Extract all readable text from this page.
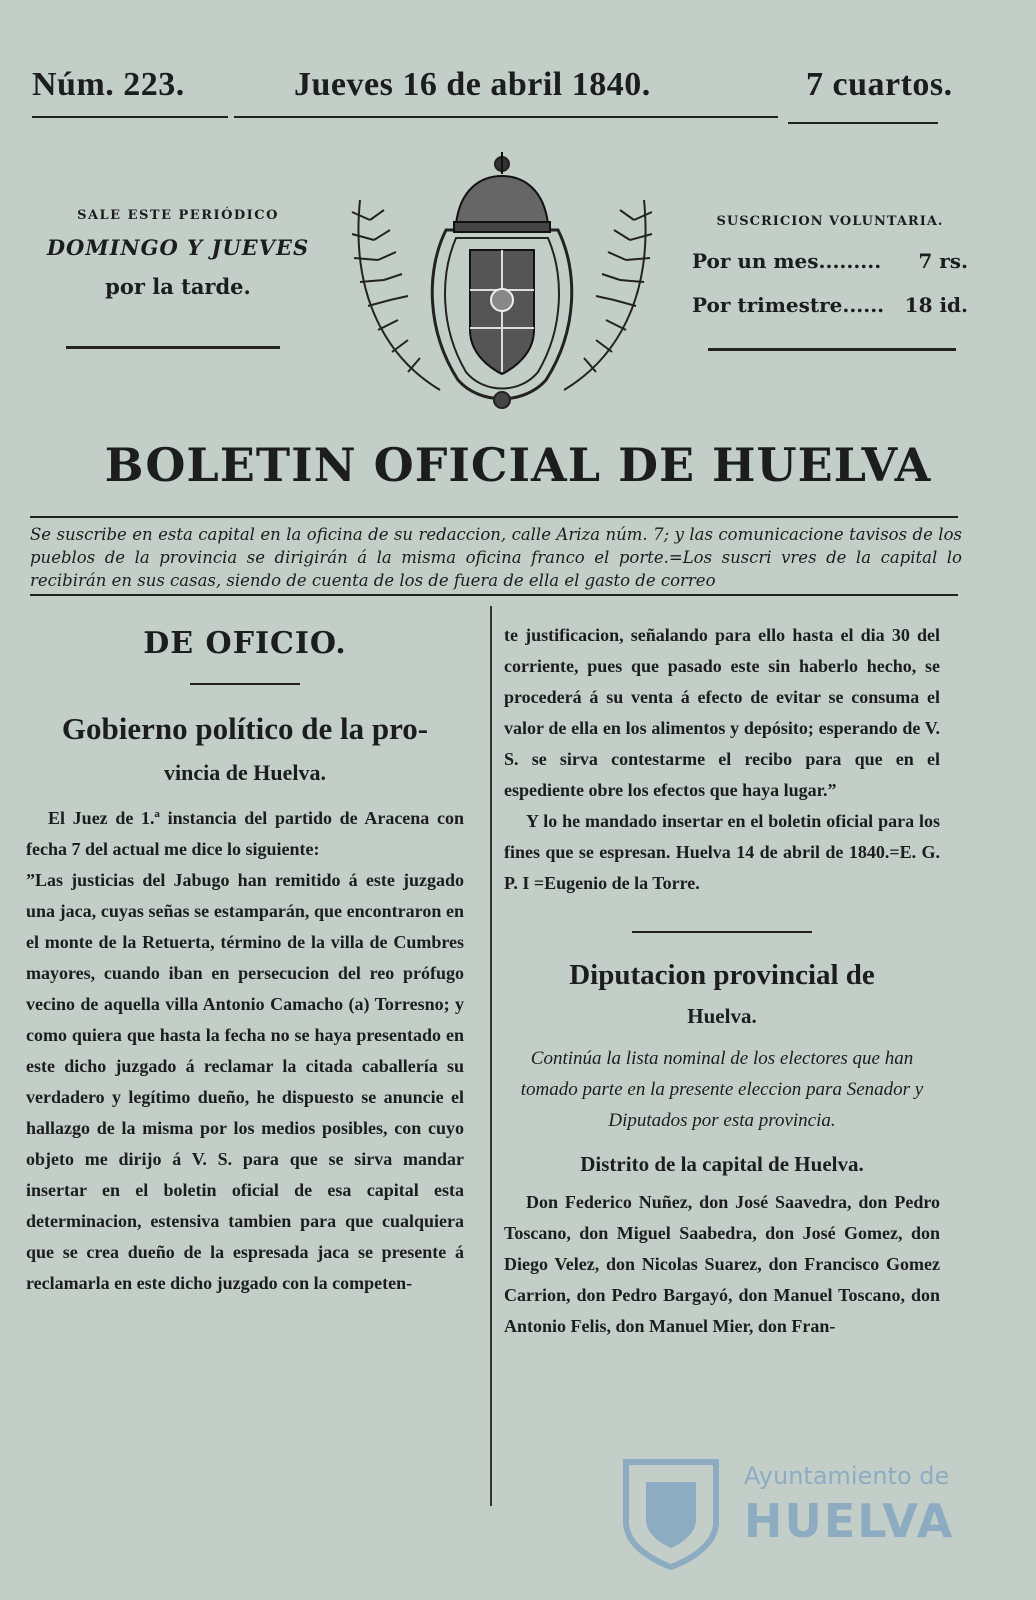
Núm. 223.	Jueves 16 de abril 1840.	7 cuartos.
SALE ESTE PERIÓDICO
DOMINGO Y JUEVES
por la tarde.
SUSCRICION VOLUNTARIA.
Por un mes......... 7 rs.
Por trimestre...... 18 id.
BOLETIN OFICIAL DE HUELVA
Se suscribe en esta capital en la oficina de su redaccion, calle Ariza núm. 7; y las comunicacione tavisos de los pueblos de la provincia se dirigirán á la misma oficina franco el porte.=Los suscri vres de la capital lo recibirán en sus casas, siendo de cuenta de los de fuera de ella el gasto de correo
DE OFICIO.
Gobierno político de la pro-
vincia de Huelva.
El Juez de 1.ª instancia del partido de Aracena con fecha 7 del actual me dice lo siguiente:
”Las justicias del Jabugo han remitido á este juzgado una jaca, cuyas señas se estamparán, que encontraron en el monte de la Retuerta, término de la villa de Cumbres mayores, cuando iban en persecucion del reo prófugo vecino de aquella villa Antonio Camacho (a) Torresno; y como quiera que hasta la fecha no se haya presentado en este dicho juzgado á reclamar la citada caballería su verdadero y legítimo dueño, he dispuesto se anuncie el hallazgo de la misma por los medios posibles, con cuyo objeto me dirijo á V. S. para que se sirva mandar insertar en el boletin oficial de esa capital esta determinacion, estensiva tambien para que cualquiera que se crea dueño de la espresada jaca se presente á reclamarla en este dicho juzgado con la competen-
te justificacion, señalando para ello hasta el dia 30 del corriente, pues que pasado este sin haberlo hecho, se procederá á su venta á efecto de evitar se consuma el valor de ella en los alimentos y depósito; esperando de V. S. se sirva contestarme el recibo para que en el espediente obre los efectos que haya lugar.”
Y lo he mandado insertar en el boletin oficial para los fines que se espresan. Huelva 14 de abril de 1840.=E. G. P. I =Eugenio de la Torre.
Diputacion provincial de
Huelva.
Continúa la lista nominal de los electores que han tomado parte en la presente eleccion para Senador y Diputados por esta provincia.
Distrito de la capital de Huelva.
Don Federico Nuñez, don José Saavedra, don Pedro Toscano, don Miguel Saabedra, don José Gomez, don Diego Velez, don Nicolas Suarez, don Francisco Gomez Carrion, don Pedro Bargayó, don Manuel Toscano, don Antonio Felis, don Manuel Mier, don Fran-
Ayuntamiento de
HUELVA
